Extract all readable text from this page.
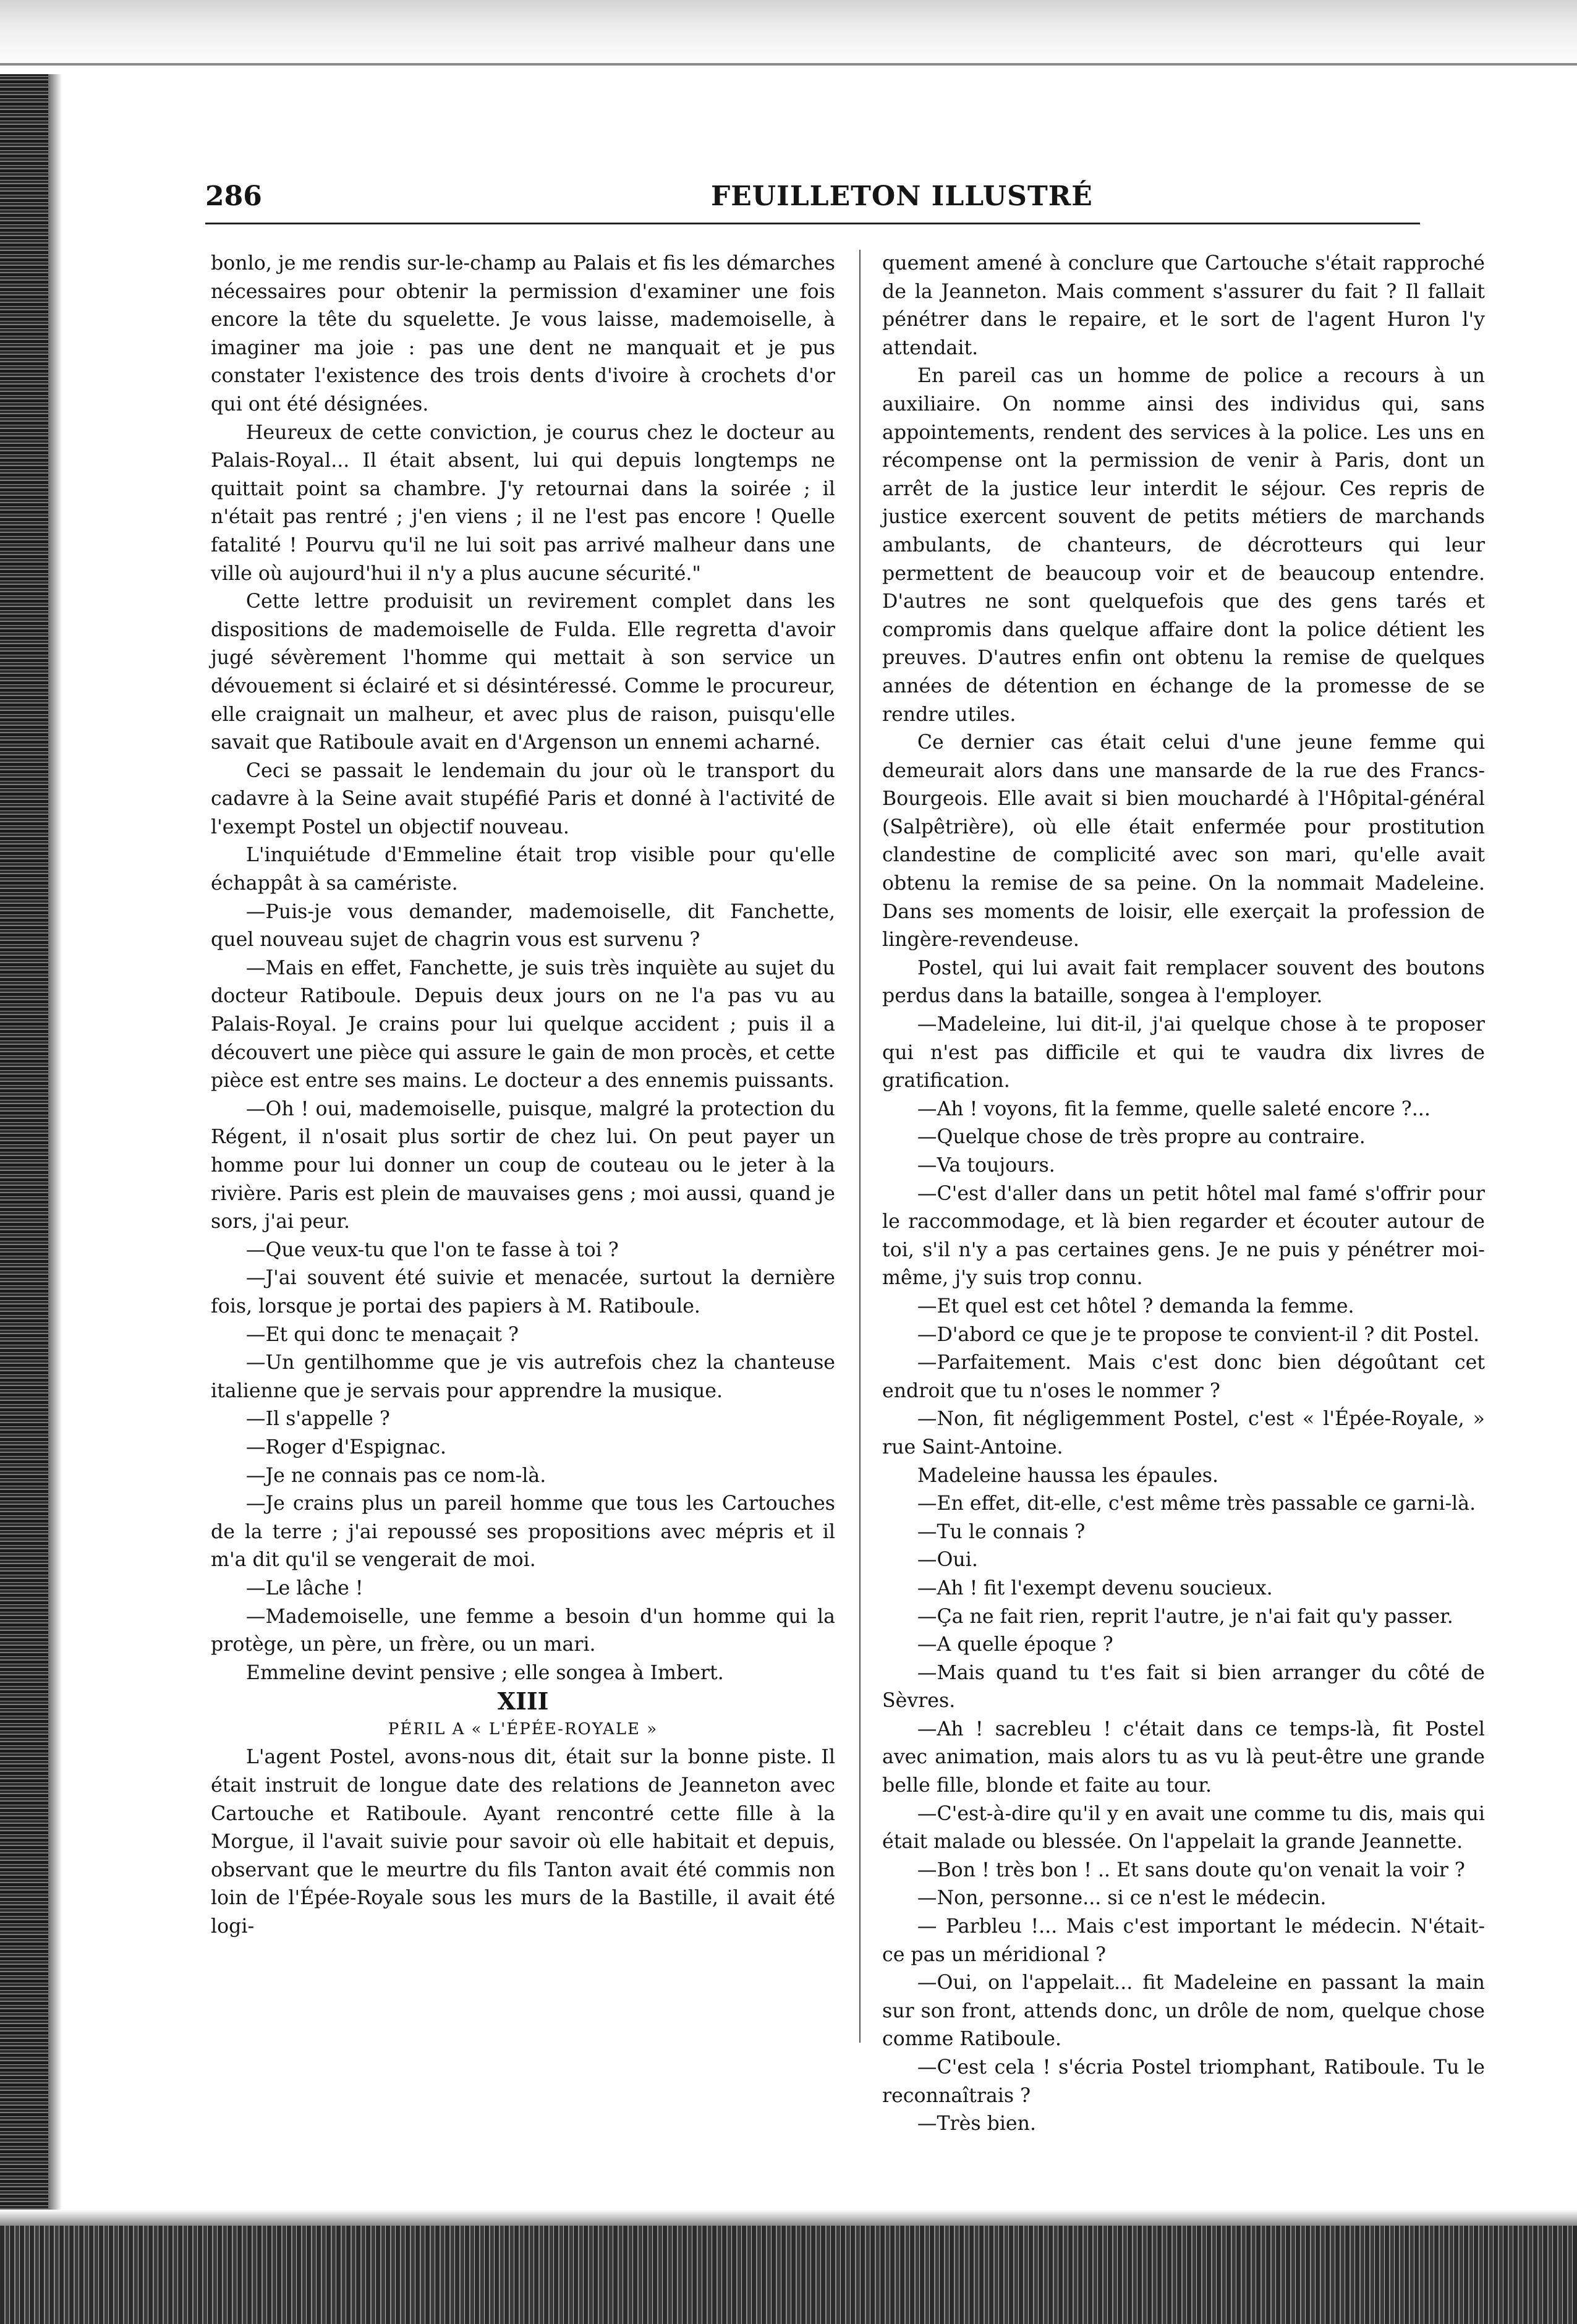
286	FEUILLETON ILLUSTRÉ

bonlo, je me rendis sur-le-champ au Palais et fis les démarches nécessaires pour obtenir la permission d'examiner une fois encore la tête du squelette. Je vous laisse, mademoiselle, à imaginer ma joie : pas une dent ne manquait et je pus constater l'existence des trois dents d'ivoire à crochets d'or qui ont été désignées.

Heureux de cette conviction, je courus chez le docteur au Palais-Royal... Il était absent, lui qui depuis longtemps ne quittait point sa chambre. J'y retournai dans la soirée ; il n'était pas rentré ; j'en viens ; il ne l'est pas encore ! Quelle fatalité ! Pourvu qu'il ne lui soit pas arrivé malheur dans une ville où aujourd'hui il n'y a plus aucune sécurité."

Cette lettre produisit un revirement complet dans les dispositions de mademoiselle de Fulda. Elle regretta d'avoir jugé sévèrement l'homme qui mettait à son service un dévouement si éclairé et si désintéressé. Comme le procureur, elle craignait un malheur, et avec plus de raison, puisqu'elle savait que Ratiboule avait en d'Argenson un ennemi acharné.

Ceci se passait le lendemain du jour où le transport du cadavre à la Seine avait stupéfié Paris et donné à l'activité de l'exempt Postel un objectif nouveau.

L'inquiétude d'Emmeline était trop visible pour qu'elle échappât à sa camériste.

—Puis-je vous demander, mademoiselle, dit Fanchette, quel nouveau sujet de chagrin vous est survenu ?

—Mais en effet, Fanchette, je suis très inquiète au sujet du docteur Ratiboule. Depuis deux jours on ne l'a pas vu au Palais-Royal. Je crains pour lui quelque accident ; puis il a découvert une pièce qui assure le gain de mon procès, et cette pièce est entre ses mains. Le docteur a des ennemis puissants.

—Oh ! oui, mademoiselle, puisque, malgré la protection du Régent, il n'osait plus sortir de chez lui. On peut payer un homme pour lui donner un coup de couteau ou le jeter à la rivière. Paris est plein de mauvaises gens ; moi aussi, quand je sors, j'ai peur.

—Que veux-tu que l'on te fasse à toi ?

—J'ai souvent été suivie et menacée, surtout la dernière fois, lorsque je portai des papiers à M. Ratiboule.

—Et qui donc te menaçait ?

—Un gentilhomme que je vis autrefois chez la chanteuse italienne que je servais pour apprendre la musique.

—Il s'appelle ?

—Roger d'Espignac.

—Je ne connais pas ce nom-là.

—Je crains plus un pareil homme que tous les Cartouches de la terre ; j'ai repoussé ses propositions avec mépris et il m'a dit qu'il se vengerait de moi.

—Le lâche !

—Mademoiselle, une femme a besoin d'un homme qui la protège, un père, un frère, ou un mari.

Emmeline devint pensive ; elle songea à Imbert.

XIII

PÉRIL A « L'ÉPÉE-ROYALE »

L'agent Postel, avons-nous dit, était sur la bonne piste. Il était instruit de longue date des relations de Jeanneton avec Cartouche et Ratiboule. Ayant rencontré cette fille à la Morgue, il l'avait suivie pour savoir où elle habitait et depuis, observant que le meurtre du fils Tanton avait été commis non loin de l'Épée-Royale sous les murs de la Bastille, il avait été logi-

quement amené à conclure que Cartouche s'était rapproché de la Jeanneton. Mais comment s'assurer du fait ? Il fallait pénétrer dans le repaire, et le sort de l'agent Huron l'y attendait.

En pareil cas un homme de police a recours à un auxiliaire. On nomme ainsi des individus qui, sans appointements, rendent des services à la police. Les uns en récompense ont la permission de venir à Paris, dont un arrêt de la justice leur interdit le séjour. Ces repris de justice exercent souvent de petits métiers de marchands ambulants, de chanteurs, de décrotteurs qui leur permettent de beaucoup voir et de beaucoup entendre. D'autres ne sont quelquefois que des gens tarés et compromis dans quelque affaire dont la police détient les preuves. D'autres enfin ont obtenu la remise de quelques années de détention en échange de la promesse de se rendre utiles.

Ce dernier cas était celui d'une jeune femme qui demeurait alors dans une mansarde de la rue des Francs-Bourgeois. Elle avait si bien mouchardé à l'Hôpital-général (Salpêtrière), où elle était enfermée pour prostitution clandestine de complicité avec son mari, qu'elle avait obtenu la remise de sa peine. On la nommait Madeleine. Dans ses moments de loisir, elle exerçait la profession de lingère-revendeuse.

Postel, qui lui avait fait remplacer souvent des boutons perdus dans la bataille, songea à l'employer.

—Madeleine, lui dit-il, j'ai quelque chose à te proposer qui n'est pas difficile et qui te vaudra dix livres de gratification.

—Ah ! voyons, fit la femme, quelle saleté encore ?...

—Quelque chose de très propre au contraire.

—Va toujours.

—C'est d'aller dans un petit hôtel mal famé s'offrir pour le raccommodage, et là bien regarder et écouter autour de toi, s'il n'y a pas certaines gens. Je ne puis y pénétrer moi-même, j'y suis trop connu.

—Et quel est cet hôtel ? demanda la femme.

—D'abord ce que je te propose te convient-il ? dit Postel.

—Parfaitement. Mais c'est donc bien dégoûtant cet endroit que tu n'oses le nommer ?

—Non, fit négligemment Postel, c'est « l'Épée-Royale, » rue Saint-Antoine.

Madeleine haussa les épaules.

—En effet, dit-elle, c'est même très passable ce garni-là.

—Tu le connais ?

—Oui.

—Ah ! fit l'exempt devenu soucieux.

—Ça ne fait rien, reprit l'autre, je n'ai fait qu'y passer.

—A quelle époque ?

—Mais quand tu t'es fait si bien arranger du côté de Sèvres.

—Ah ! sacrebleu ! c'était dans ce temps-là, fit Postel avec animation, mais alors tu as vu là peut-être une grande belle fille, blonde et faite au tour.

—C'est-à-dire qu'il y en avait une comme tu dis, mais qui était malade ou blessée. On l'appelait la grande Jeannette.

—Bon ! très bon ! .. Et sans doute qu'on venait la voir ?

—Non, personne... si ce n'est le médecin.

— Parbleu !... Mais c'est important le médecin. N'était-ce pas un méridional ?

—Oui, on l'appelait... fit Madeleine en passant la main sur son front, attends donc, un drôle de nom, quelque chose comme Ratiboule.

—C'est cela ! s'écria Postel triomphant, Ratiboule. Tu le reconnaîtrais ?

—Très bien.
